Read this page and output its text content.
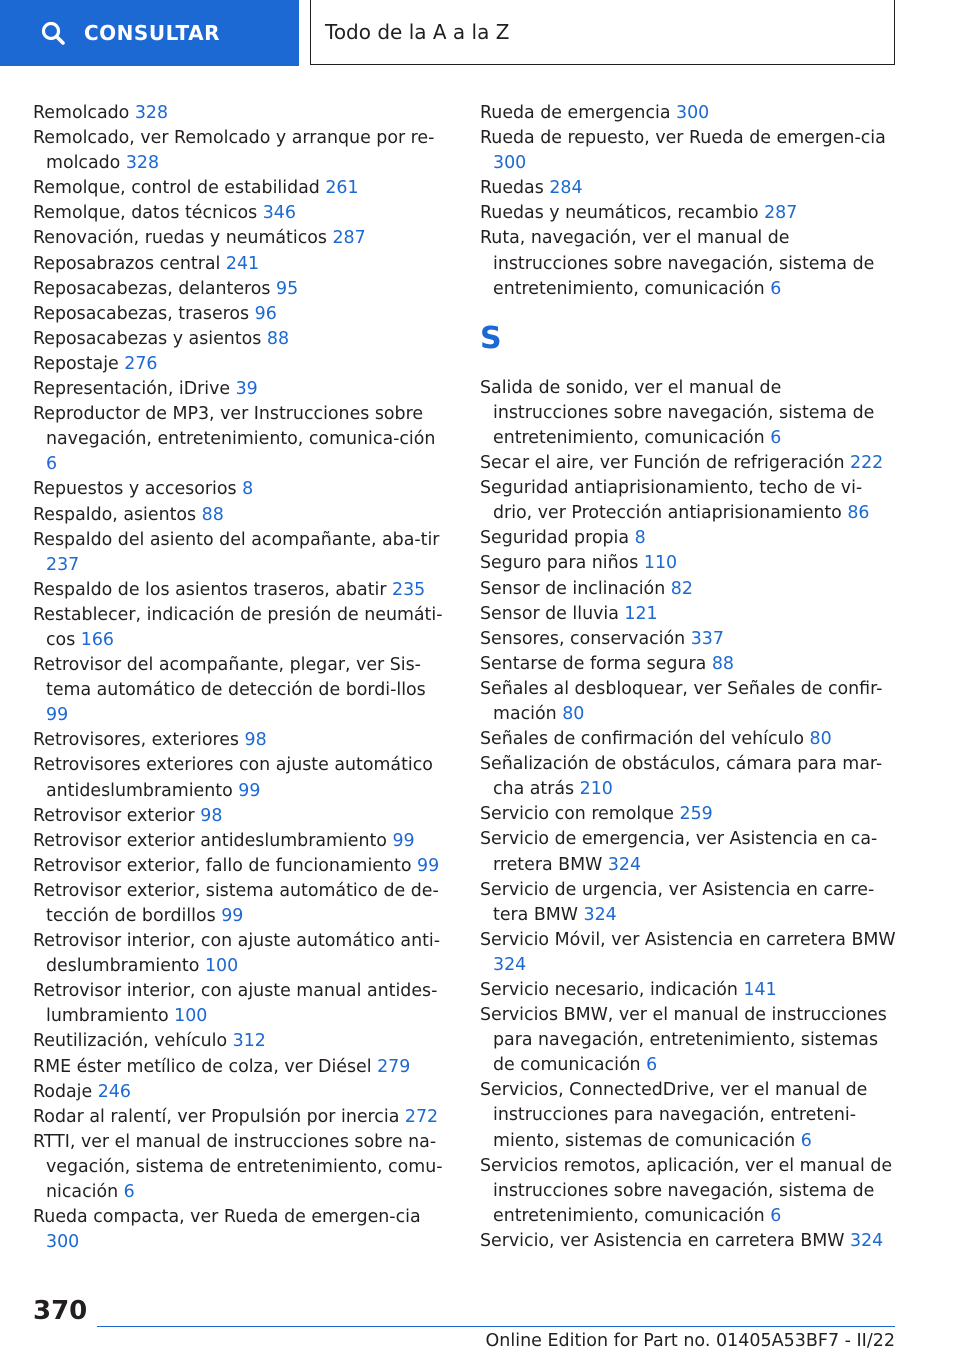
CONSULTAR	Todo de la A a la Z
Remolcado 328
Remolcado, ver Remolcado y arranque por re-molcado 328
Remolque, control de estabilidad 261
Remolque, datos técnicos 346
Renovación, ruedas y neumáticos 287
Reposabrazos central 241
Reposacabezas, delanteros 95
Reposacabezas, traseros 96
Reposacabezas y asientos 88
Repostaje 276
Representación, iDrive 39
Reproductor de MP3, ver Instrucciones sobre navegación, entretenimiento, comunica-ción 6
Repuestos y accesorios 8
Respaldo, asientos 88
Respaldo del asiento del acompañante, aba-tir 237
Respaldo de los asientos traseros, abatir 235
Restablecer, indicación de presión de neumáti-cos 166
Retrovisor del acompañante, plegar, ver Sis-tema automático de detección de bordi-llos 99
Retrovisores, exteriores 98
Retrovisores exteriores con ajuste automático antideslumbramiento 99
Retrovisor exterior 98
Retrovisor exterior antideslumbramiento 99
Retrovisor exterior, fallo de funcionamiento 99
Retrovisor exterior, sistema automático de de-tección de bordillos 99
Retrovisor interior, con ajuste automático anti-deslumbramiento 100
Retrovisor interior, con ajuste manual antides-lumbramiento 100
Reutilización, vehículo 312
RME éster metílico de colza, ver Diésel 279
Rodaje 246
Rodar al ralentí, ver Propulsión por inercia 272
RTTI, ver el manual de instrucciones sobre na-vegación, sistema de entretenimiento, comu-nicación 6
Rueda compacta, ver Rueda de emergen-cia 300
Rueda de emergencia 300
Rueda de repuesto, ver Rueda de emergen-cia 300
Ruedas 284
Ruedas y neumáticos, recambio 287
Ruta, navegación, ver el manual de instrucciones sobre navegación, sistema de entretenimiento, comunicación 6
S
Salida de sonido, ver el manual de instrucciones sobre navegación, sistema de entretenimiento, comunicación 6
Secar el aire, ver Función de refrigeración 222
Seguridad antiaprisionamiento, techo de vi-drio, ver Protección antiaprisionamiento 86
Seguridad propia 8
Seguro para niños 110
Sensor de inclinación 82
Sensor de lluvia 121
Sensores, conservación 337
Sentarse de forma segura 88
Señales al desbloquear, ver Señales de confir-mación 80
Señales de confirmación del vehículo 80
Señalización de obstáculos, cámara para mar-cha atrás 210
Servicio con remolque 259
Servicio de emergencia, ver Asistencia en ca-rretera BMW 324
Servicio de urgencia, ver Asistencia en carre-tera BMW 324
Servicio Móvil, ver Asistencia en carretera BMW 324
Servicio necesario, indicación 141
Servicios BMW, ver el manual de instrucciones para navegación, entretenimiento, sistemas de comunicación 6
Servicios, ConnectedDrive, ver el manual de instrucciones para navegación, entreteni-miento, sistemas de comunicación 6
Servicios remotos, aplicación, ver el manual de instrucciones sobre navegación, sistema de entretenimiento, comunicación 6
Servicio, ver Asistencia en carretera BMW 324
370
Online Edition for Part no. 01405A53BF7 - II/22
